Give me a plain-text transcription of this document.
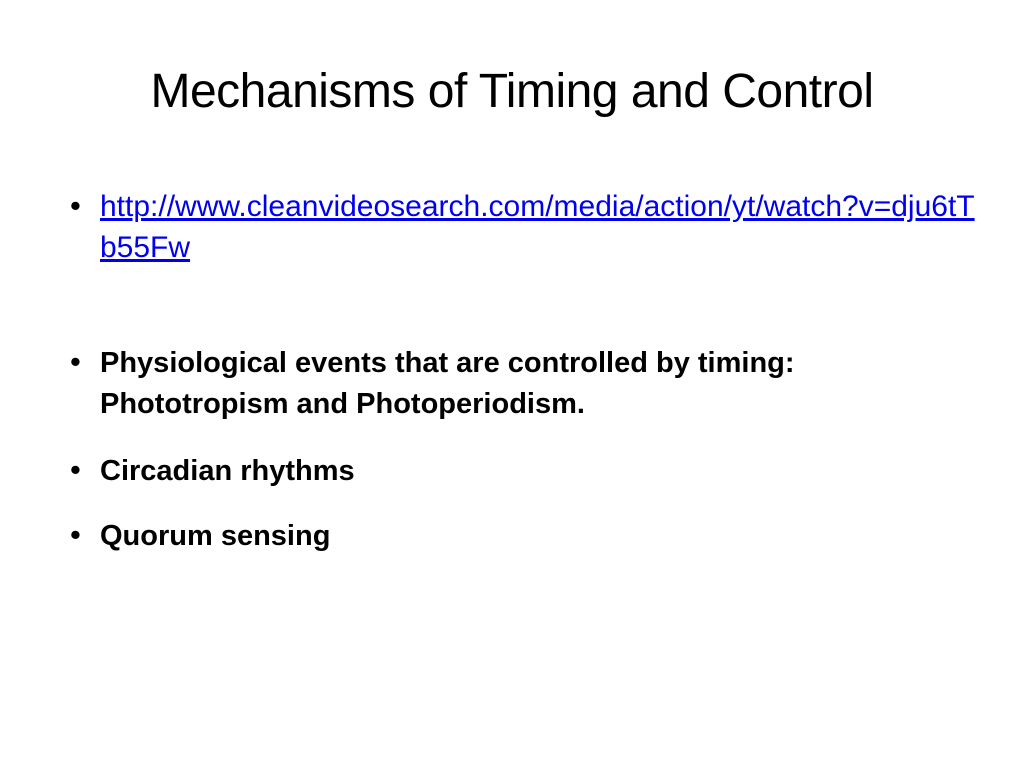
Mechanisms of Timing and Control
• http://www.cleanvideosearch.com/media/action/yt/watch?v=dju6tTb55Fw
• Physiological events that are controlled by timing: Phototropism and Photoperiodism.
• Circadian rhythms
• Quorum sensing
